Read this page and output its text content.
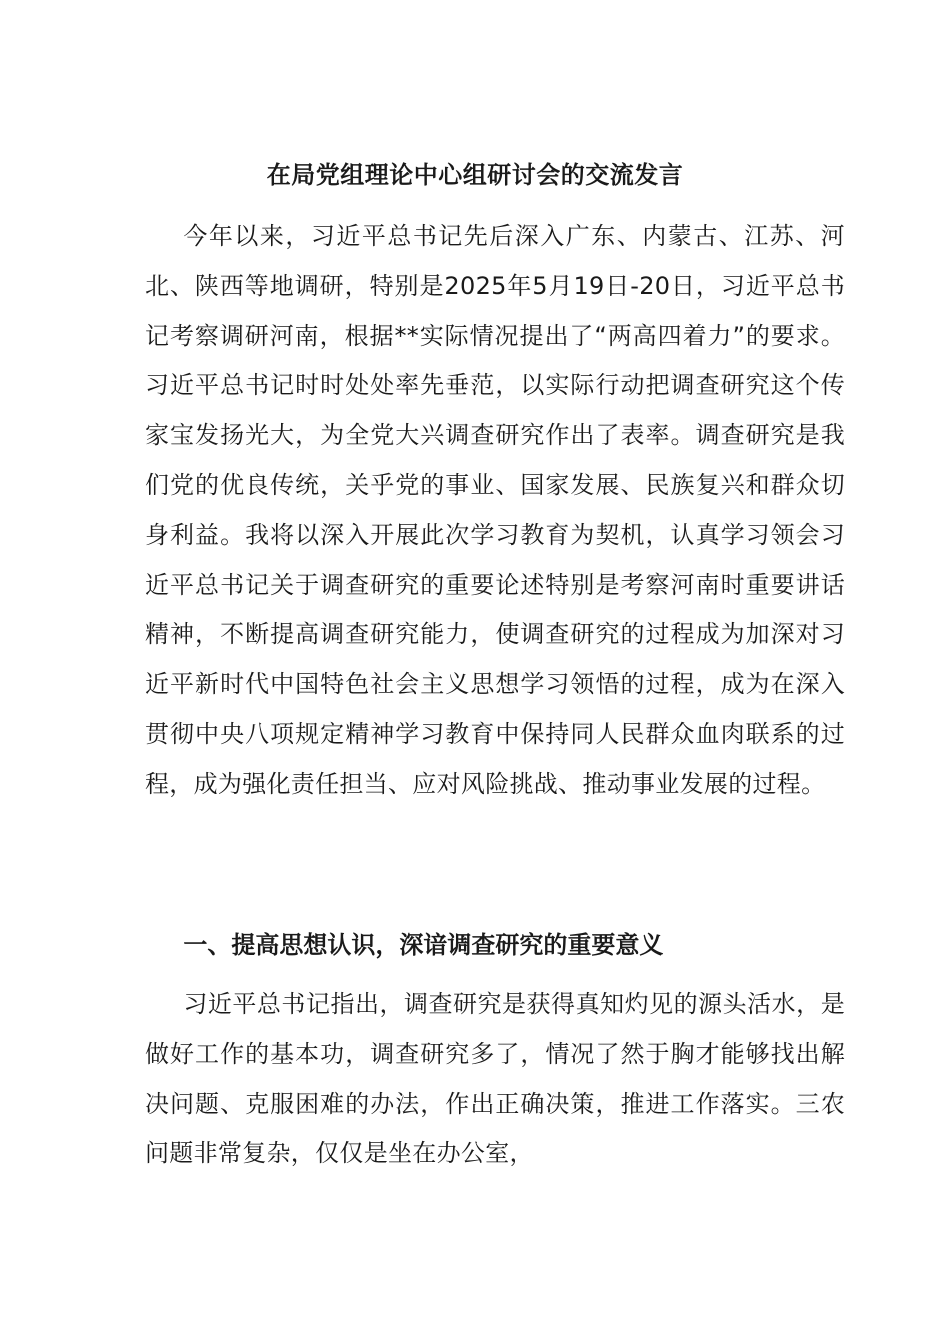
在局党组理论中心组研讨会的交流发言

今年以来，习近平总书记先后深入广东、内蒙古、江苏、河北、陕西等地调研，特别是2025年5月19日-20日，习近平总书记考察调研河南，根据**实际情况提出了“两高四着力”的要求。习近平总书记时时处处率先垂范，以实际行动把调查研究这个传家宝发扬光大，为全党大兴调查研究作出了表率。调查研究是我们党的优良传统，关乎党的事业、国家发展、民族复兴和群众切身利益。我将以深入开展此次学习教育为契机，认真学习领会习近平总书记关于调查研究的重要论述特别是考察河南时重要讲话精神，不断提高调查研究能力，使调查研究的过程成为加深对习近平新时代中国特色社会主义思想学习领悟的过程，成为在深入贯彻中央八项规定精神学习教育中保持同人民群众血肉联系的过程，成为强化责任担当、应对风险挑战、推动事业发展的过程。

一、提高思想认识，深谙调查研究的重要意义

习近平总书记指出，调查研究是获得真知灼见的源头活水，是做好工作的基本功，调查研究多了，情况了然于胸才能够找出解决问题、克服困难的办法，作出正确决策，推进工作落实。三农问题非常复杂，仅仅是坐在办公室，
